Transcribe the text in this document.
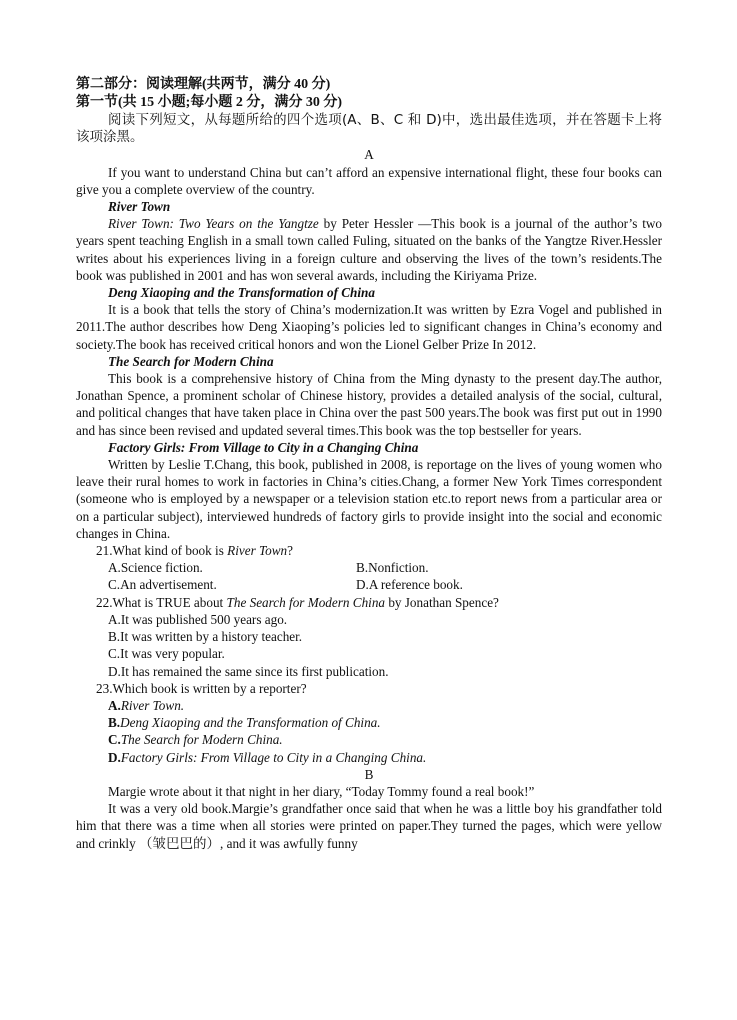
第二部分：阅读理解(共两节，满分 40 分)
第一节(共 15 小题;每小题 2 分，满分 30 分)
阅读下列短文，从每题所给的四个选项(A、B、C 和 D)中，选出最佳选项，并在答题卡上将该项涂黑。
A
If you want to understand China but can’t afford an expensive international flight, these four books can give you a complete overview of the country.
River Town
River Town: Two Years on the Yangtze by Peter Hessler —This book is a journal of the author’s two years spent teaching English in a small town called Fuling, situated on the banks of the Yangtze River.Hessler writes about his experiences living in a foreign culture and observing the lives of the town’s residents.The book was published in 2001 and has won several awards, including the Kiriyama Prize.
Deng Xiaoping and the Transformation of China
It is a book that tells the story of China’s modernization.It was written by Ezra Vogel and published in 2011.The author describes how Deng Xiaoping’s policies led to significant changes in China’s economy and society.The book has received critical honors and won the Lionel Gelber Prize In 2012.
The Search for Modern China
This book is a comprehensive history of China from the Ming dynasty to the present day.The author, Jonathan Spence, a prominent scholar of Chinese history, provides a detailed analysis of the social, cultural, and political changes that have taken place in China over the past 500 years.The book was first put out in 1990 and has since been revised and updated several times.This book was the top bestseller for years.
Factory Girls: From Village to City in a Changing China
Written by Leslie T.Chang, this book, published in 2008, is reportage on the lives of young women who leave their rural homes to work in factories in China’s cities.Chang, a former New York Times correspondent (someone who is employed by a newspaper or a television station etc.to report news from a particular area or on a particular subject), interviewed hundreds of factory girls to provide insight into the social and economic changes in China.
21.What kind of book is River Town?
A.Science fiction.	B.Nonfiction.
C.An advertisement.	D.A reference book.
22.What is TRUE about The Search for Modern China by Jonathan Spence?
A.It was published 500 years ago.
B.It was written by a history teacher.
C.It was very popular.
D.It has remained the same since its first publication.
23.Which book is written by a reporter?
A.River Town.
B.Deng Xiaoping and the Transformation of China.
C.The Search for Modern China.
D.Factory Girls: From Village to City in a Changing China.
B
Margie wrote about it that night in her diary, “Today Tommy found a real book!”
It was a very old book.Margie’s grandfather once said that when he was a little boy his grandfather told him that there was a time when all stories were printed on paper.They turned the pages, which were yellow and crinkly （皱巴巴的）, and it was awfully funny
